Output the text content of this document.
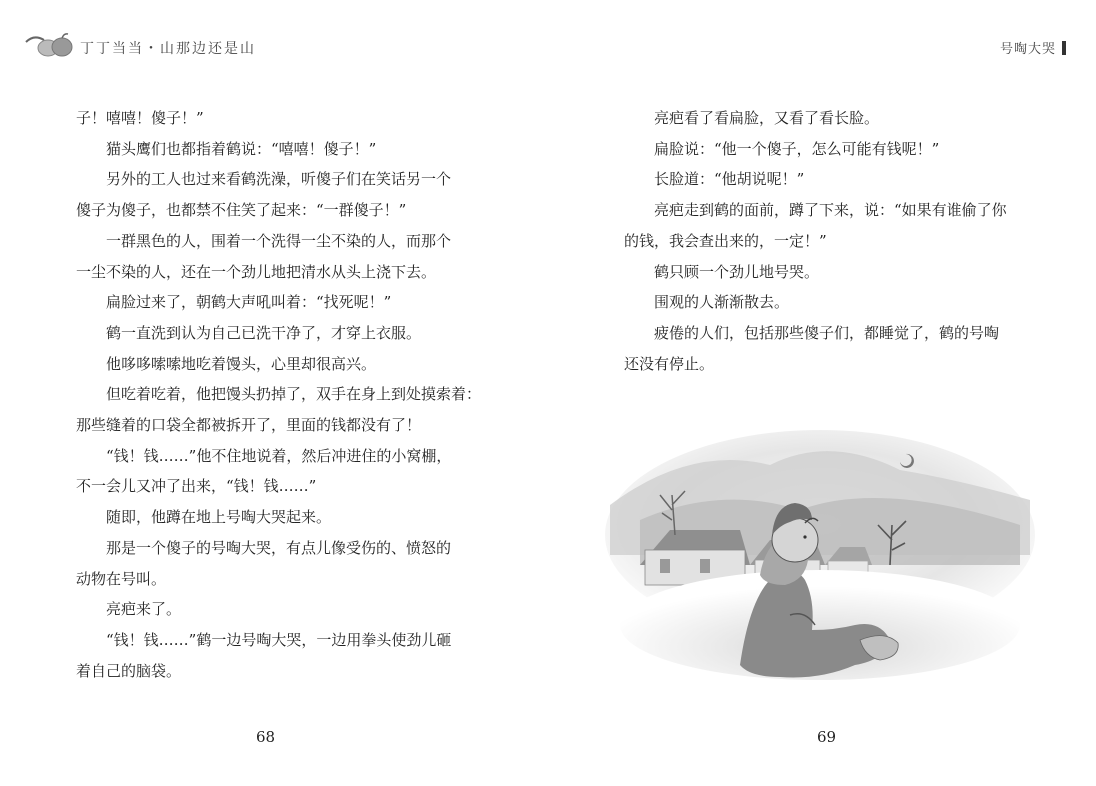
丁丁当当・山那边还是山	号啕大哭

子！嘻嘻！傻子！”

猫头鹰们也都指着鹤说：“嘻嘻！傻子！”

另外的工人也过来看鹤洗澡，听傻子们在笑话另一个

傻子为傻子，也都禁不住笑了起来：“一群傻子！”

一群黑色的人，围着一个洗得一尘不染的人，而那个

一尘不染的人，还在一个劲儿地把清水从头上浇下去。

扁脸过来了，朝鹤大声吼叫着：“找死呢！”

鹤一直洗到认为自己已洗干净了，才穿上衣服。

他哆哆嗦嗦地吃着馒头，心里却很高兴。

但吃着吃着，他把馒头扔掉了，双手在身上到处摸索着：

那些缝着的口袋全都被拆开了，里面的钱都没有了！

“钱！钱……”他不住地说着，然后冲进住的小窝棚，

不一会儿又冲了出来，“钱！钱……”

随即，他蹲在地上号啕大哭起来。

那是一个傻子的号啕大哭，有点儿像受伤的、愤怒的

动物在号叫。

亮疤来了。

“钱！钱……”鹤一边号啕大哭，一边用拳头使劲儿砸

着自己的脑袋。

亮疤看了看扁脸，又看了看长脸。

扁脸说：“他一个傻子，怎么可能有钱呢！”

长脸道：“他胡说呢！”

亮疤走到鹤的面前，蹲了下来，说：“如果有谁偷了你

的钱，我会查出来的，一定！”

鹤只顾一个劲儿地号哭。

围观的人渐渐散去。

疲倦的人们，包括那些傻子们，都睡觉了，鹤的号啕

还没有停止。

68	69
